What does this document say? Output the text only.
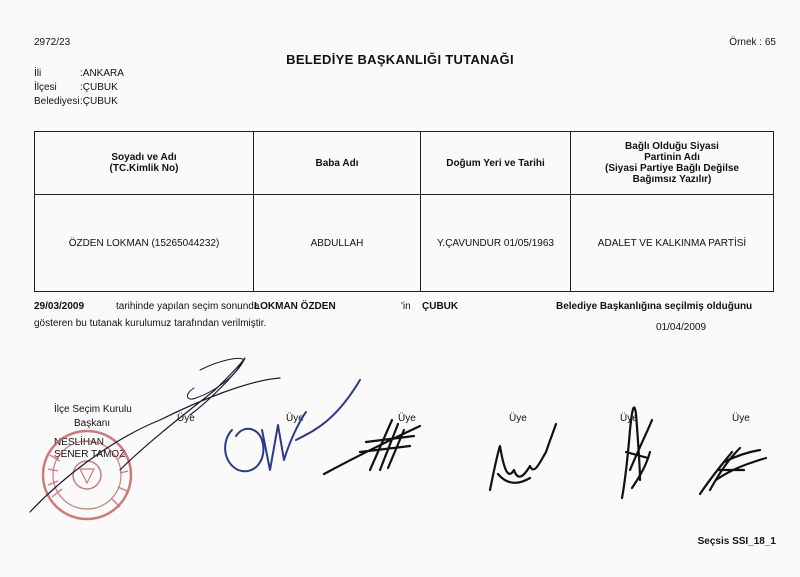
2972/23	Örnek : 65
BELEDİYE BAŞKANLIĞI TUTANAĞI
İli	:ANKARA
İlçesi :ÇUBUK
Belediyesi :ÇUBUK
Soyadı ve Adı
(TC.Kimlik No)	Baba Adı	Doğum Yeri ve Tarihi	Bağlı Olduğu Siyasi
Partinin Adı
(Siyasi Partiye Bağlı Değilse
Bağımsız Yazılır)
ÖZDEN LOKMAN (15265044232)	ABDULLAH	Y.ÇAVUNDUR 01/05/1963	ADALET VE KALKINMA PARTİSİ
29/03/2009	tarihinde yapılan seçim sonunda
LOKMAN ÖZDEN	'in ÇUBUK	Belediye Başkanlığına seçilmiş olduğunu
gösteren bu tutanak kurulumuz tarafından verilmiştir.	01/04/2009
İlçe Seçim Kurulu
Başkanı
NESLİHAN
ŞENER TAMOZ
Üye	Üye	Üye	Üye	Üye	Üye
Seçsis SSI_18_1
